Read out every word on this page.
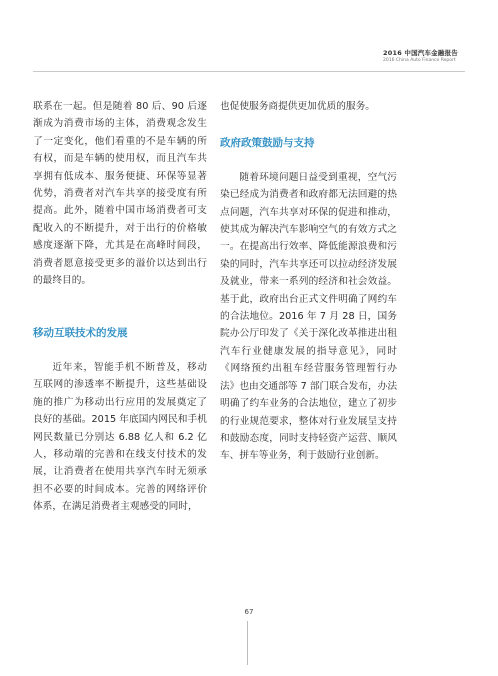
2016 中国汽车金融报告
2016 China Auto Finance Report

联系在一起。但是随着 80 后、90 后逐渐成为消费市场的主体，消费观念发生了一定变化，他们看重的不是车辆的所有权，而是车辆的使用权，而且汽车共享拥有低成本、服务便捷、环保等显著优势，消费者对汽车共享的接受度有所提高。此外，随着中国市场消费者可支配收入的不断提升，对于出行的价格敏感度逐渐下降，尤其是在高峰时间段，消费者愿意接受更多的溢价以达到出行的最终目的。

移动互联技术的发展

近年来，智能手机不断普及，移动互联网的渗透率不断提升，这些基础设施的推广为移动出行应用的发展奠定了良好的基础。2015 年底国内网民和手机网民数量已分别达 6.88 亿人和 6.2 亿人，移动端的完善和在线支付技术的发展，让消费者在使用共享汽车时无须承担不必要的时间成本。完善的网络评价体系，在满足消费者主观感受的同时，

也促使服务商提供更加优质的服务。

政府政策鼓励与支持

随着环境问题日益受到重视，空气污染已经成为消费者和政府都无法回避的热点问题，汽车共享对环保的促进和推动，使其成为解决汽车影响空气的有效方式之一。在提高出行效率、降低能源浪费和污染的同时，汽车共享还可以拉动经济发展及就业，带来一系列的经济和社会效益。基于此，政府出台正式文件明确了网约车的合法地位。2016 年 7 月 28 日，国务院办公厅印发了《关于深化改革推进出租汽车行业健康发展的指导意见》，同时《网络预约出租车经营服务管理暂行办法》也由交通部等 7 部门联合发布，办法明确了约车业务的合法地位，建立了初步的行业规范要求，整体对行业发展呈支持和鼓励态度，同时支持轻资产运营、顺风车、拼车等业务，利于鼓励行业创新。

67
